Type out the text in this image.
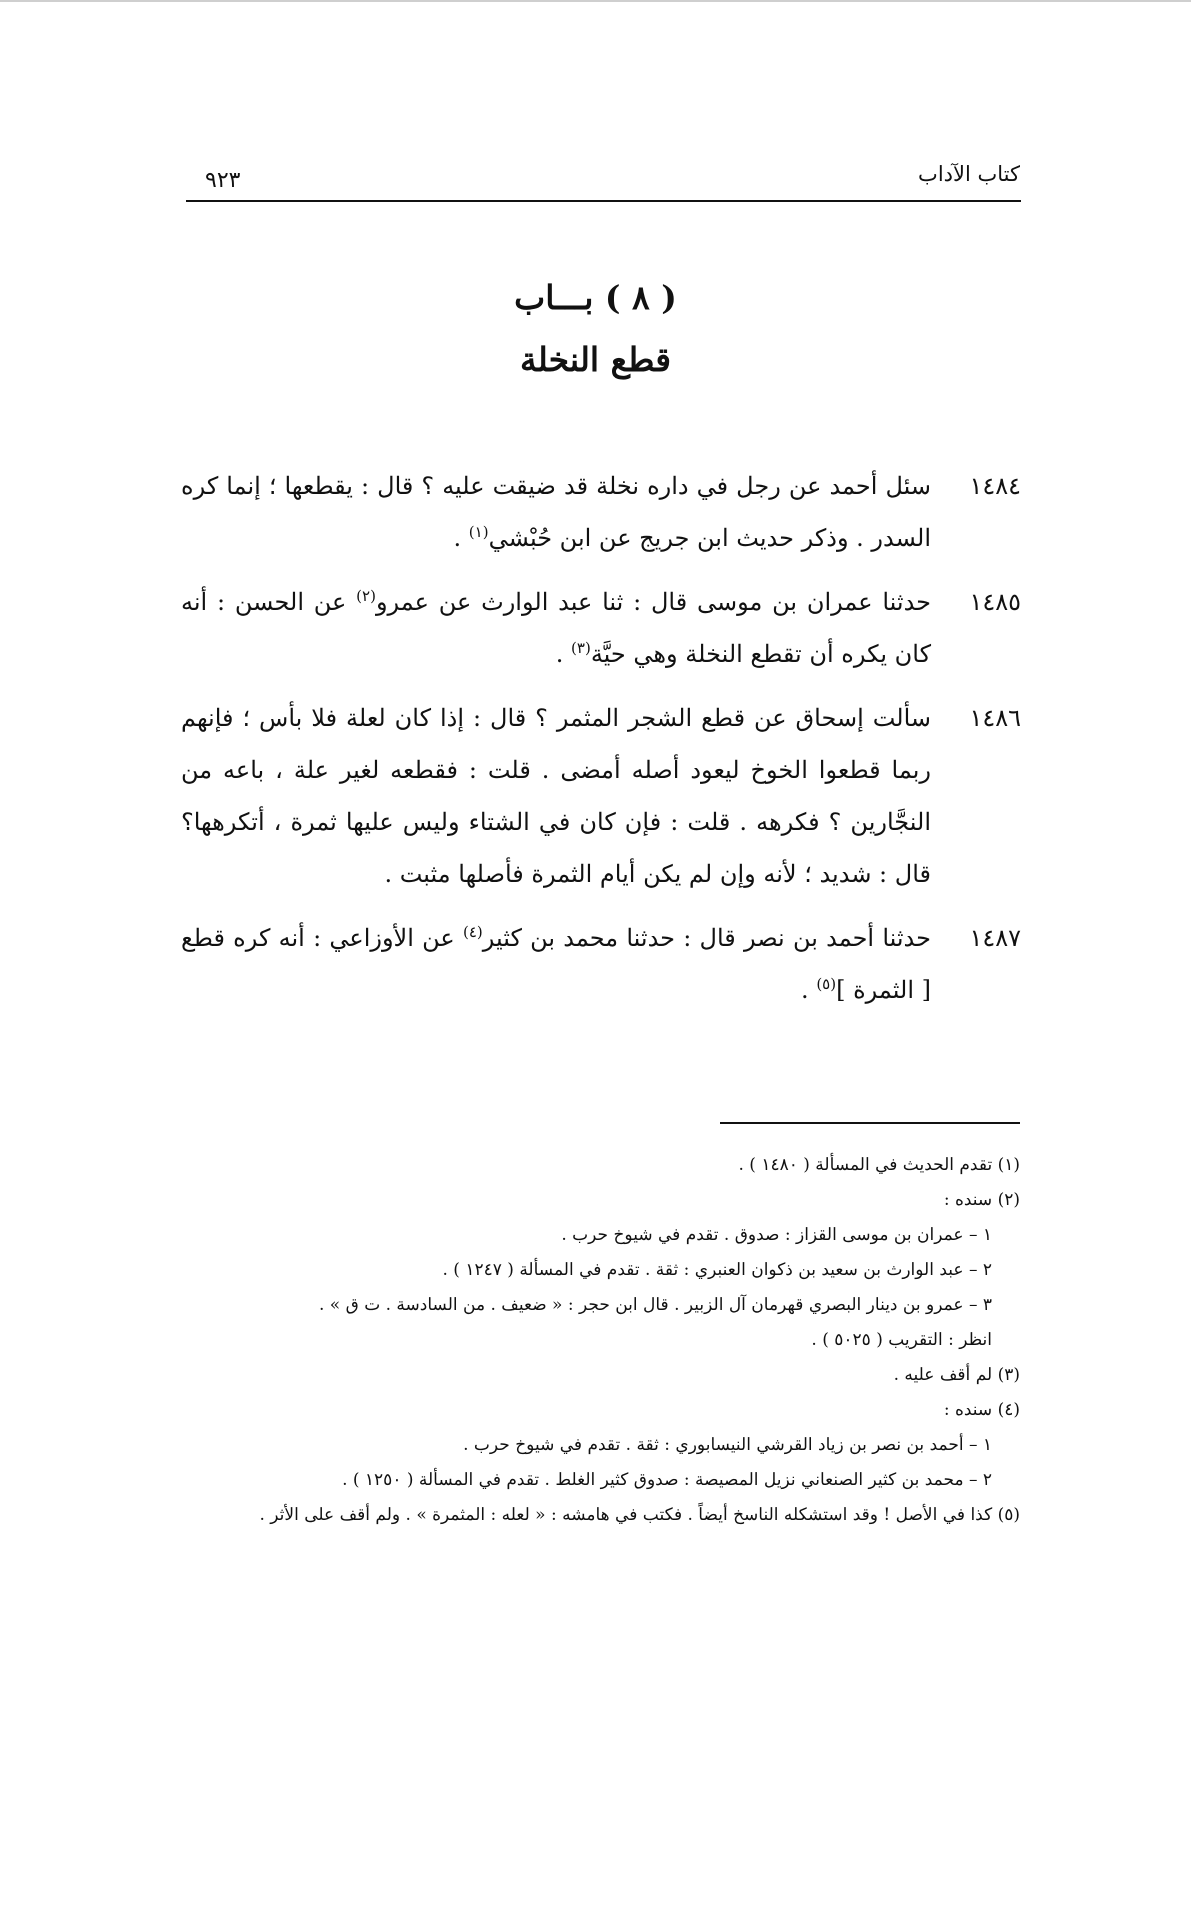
كتاب الآداب
٩٢٣
( ٨ ) بـــاب
قطع النخلة
١٤٨٤
سئل أحمد عن رجل في داره نخلة قد ضيقت عليه ؟ قال : يقطعها ؛ إنما كره السدر . وذكر حديث ابن جريج عن ابن حُبْشي$^{(١)}$ .
١٤٨٥
حدثنا عمران بن موسى قال : ثنا عبد الوارث عن عمرو$^{(٢)}$ عن الحسن : أنه كان يكره أن تقطع النخلة وهي حيَّة$^{(٣)}$ .
١٤٨٦
سألت إسحاق عن قطع الشجر المثمر ؟ قال : إذا كان لعلة فلا بأس ؛ فإنهم ربما قطعوا الخوخ ليعود أصله أمضى . قلت : فقطعه لغير علة ، باعه من النجَّارين ؟ فكرهه . قلت : فإن كان في الشتاء وليس عليها ثمرة ، أتكرهها؟ قال : شديد ؛ لأنه وإن لم يكن أيام الثمرة فأصلها مثبت .
١٤٨٧
حدثنا أحمد بن نصر قال : حدثنا محمد بن كثير$^{(٤)}$ عن الأوزاعي : أنه كره قطع [ الثمرة ]$^{(٥)}$ .

(١) تقدم الحديث في المسألة ( ١٤٨٠ ) .

(٢) سنده :

١ – عمران بن موسى القزاز : صدوق . تقدم في شيوخ حرب .

٢ – عبد الوارث بن سعيد بن ذكوان العنبري : ثقة . تقدم في المسألة ( ١٢٤٧ ) .

٣ – عمرو بن دينار البصري قهرمان آل الزبير . قال ابن حجر : « ضعيف . من السادسة . ت ق » .

انظر : التقريب ( ٥٠٢٥ ) .

(٣) لم أقف عليه .

(٤) سنده :

١ – أحمد بن نصر بن زياد القرشي النيسابوري : ثقة . تقدم في شيوخ حرب .

٢ – محمد بن كثير الصنعاني نزيل المصيصة : صدوق كثير الغلط . تقدم في المسألة ( ١٢٥٠ ) .

(٥) كذا في الأصل ! وقد استشكله الناسخ أيضاً . فكتب في هامشه : « لعله : المثمرة » . ولم أقف على الأثر .
